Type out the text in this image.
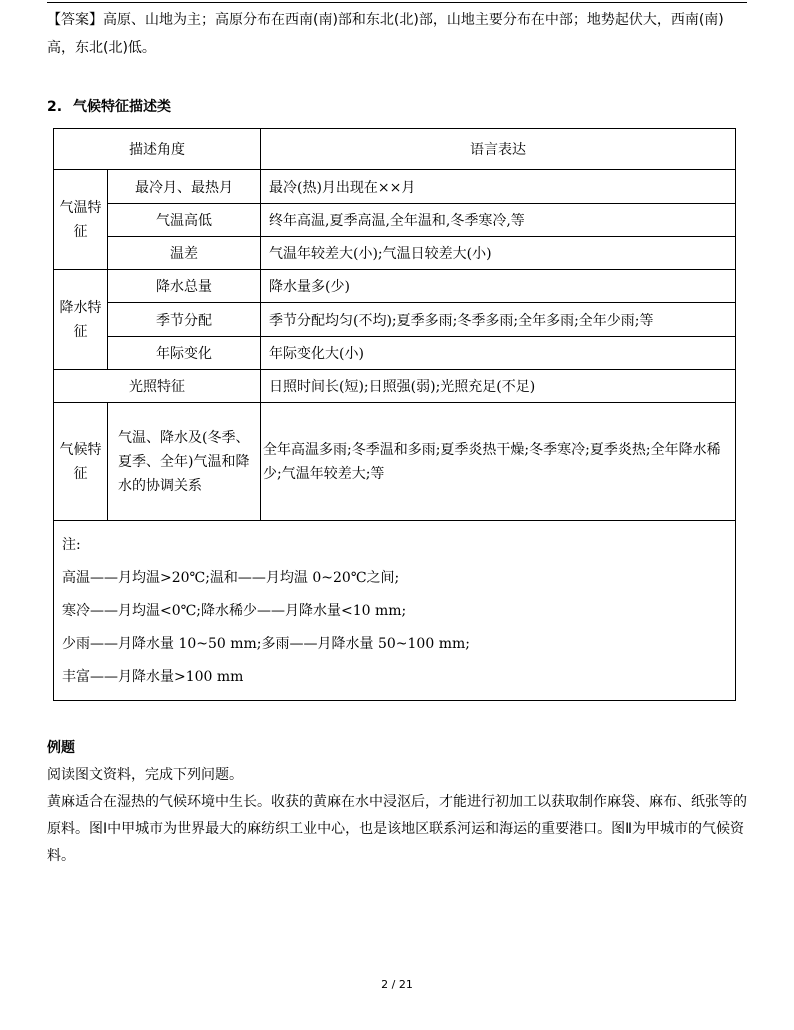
【答案】高原、山地为主；高原分布在西南(南)部和东北(北)部，山地主要分布在中部；地势起伏大，西南(南)高，东北(北)低。
2. 气候特征描述类
描述角度		语言表达
气温特征	最冷月、最热月	最冷(热)月出现在××月
	气温高低	终年高温,夏季高温,全年温和,冬季寒冷,等
	温差	气温年较差大(小);气温日较差大(小)
降水特征	降水总量	降水量多(少)
	季节分配	季节分配均匀(不均);夏季多雨;冬季多雨;全年多雨;全年少雨;等
	年际变化	年际变化大(小)
光照特征		日照时间长(短);日照强(弱);光照充足(不足)
气候特征	气温、降水及(冬季、夏季、全年)气温和降水的协调关系	全年高温多雨;冬季温和多雨;夏季炎热干燥;冬季寒冷;夏季炎热;全年降水稀少;气温年较差大;等

注:
高温——月均温>20℃;温和——月均温 0~20℃之间;
寒冷——月均温<0℃;降水稀少——月降水量<10 mm;
少雨——月降水量 10~50 mm;多雨——月降水量 50~100 mm;
丰富——月降水量>100 mm		
例题
阅读图文资料，完成下列问题。
黄麻适合在湿热的气候环境中生长。收获的黄麻在水中浸沤后，才能进行初加工以获取制作麻袋、麻布、纸张等的原料。图Ⅰ中甲城市为世界最大的麻纺织工业中心，也是该地区联系河运和海运的重要港口。图Ⅱ为甲城市的气候资料。
2 / 21
